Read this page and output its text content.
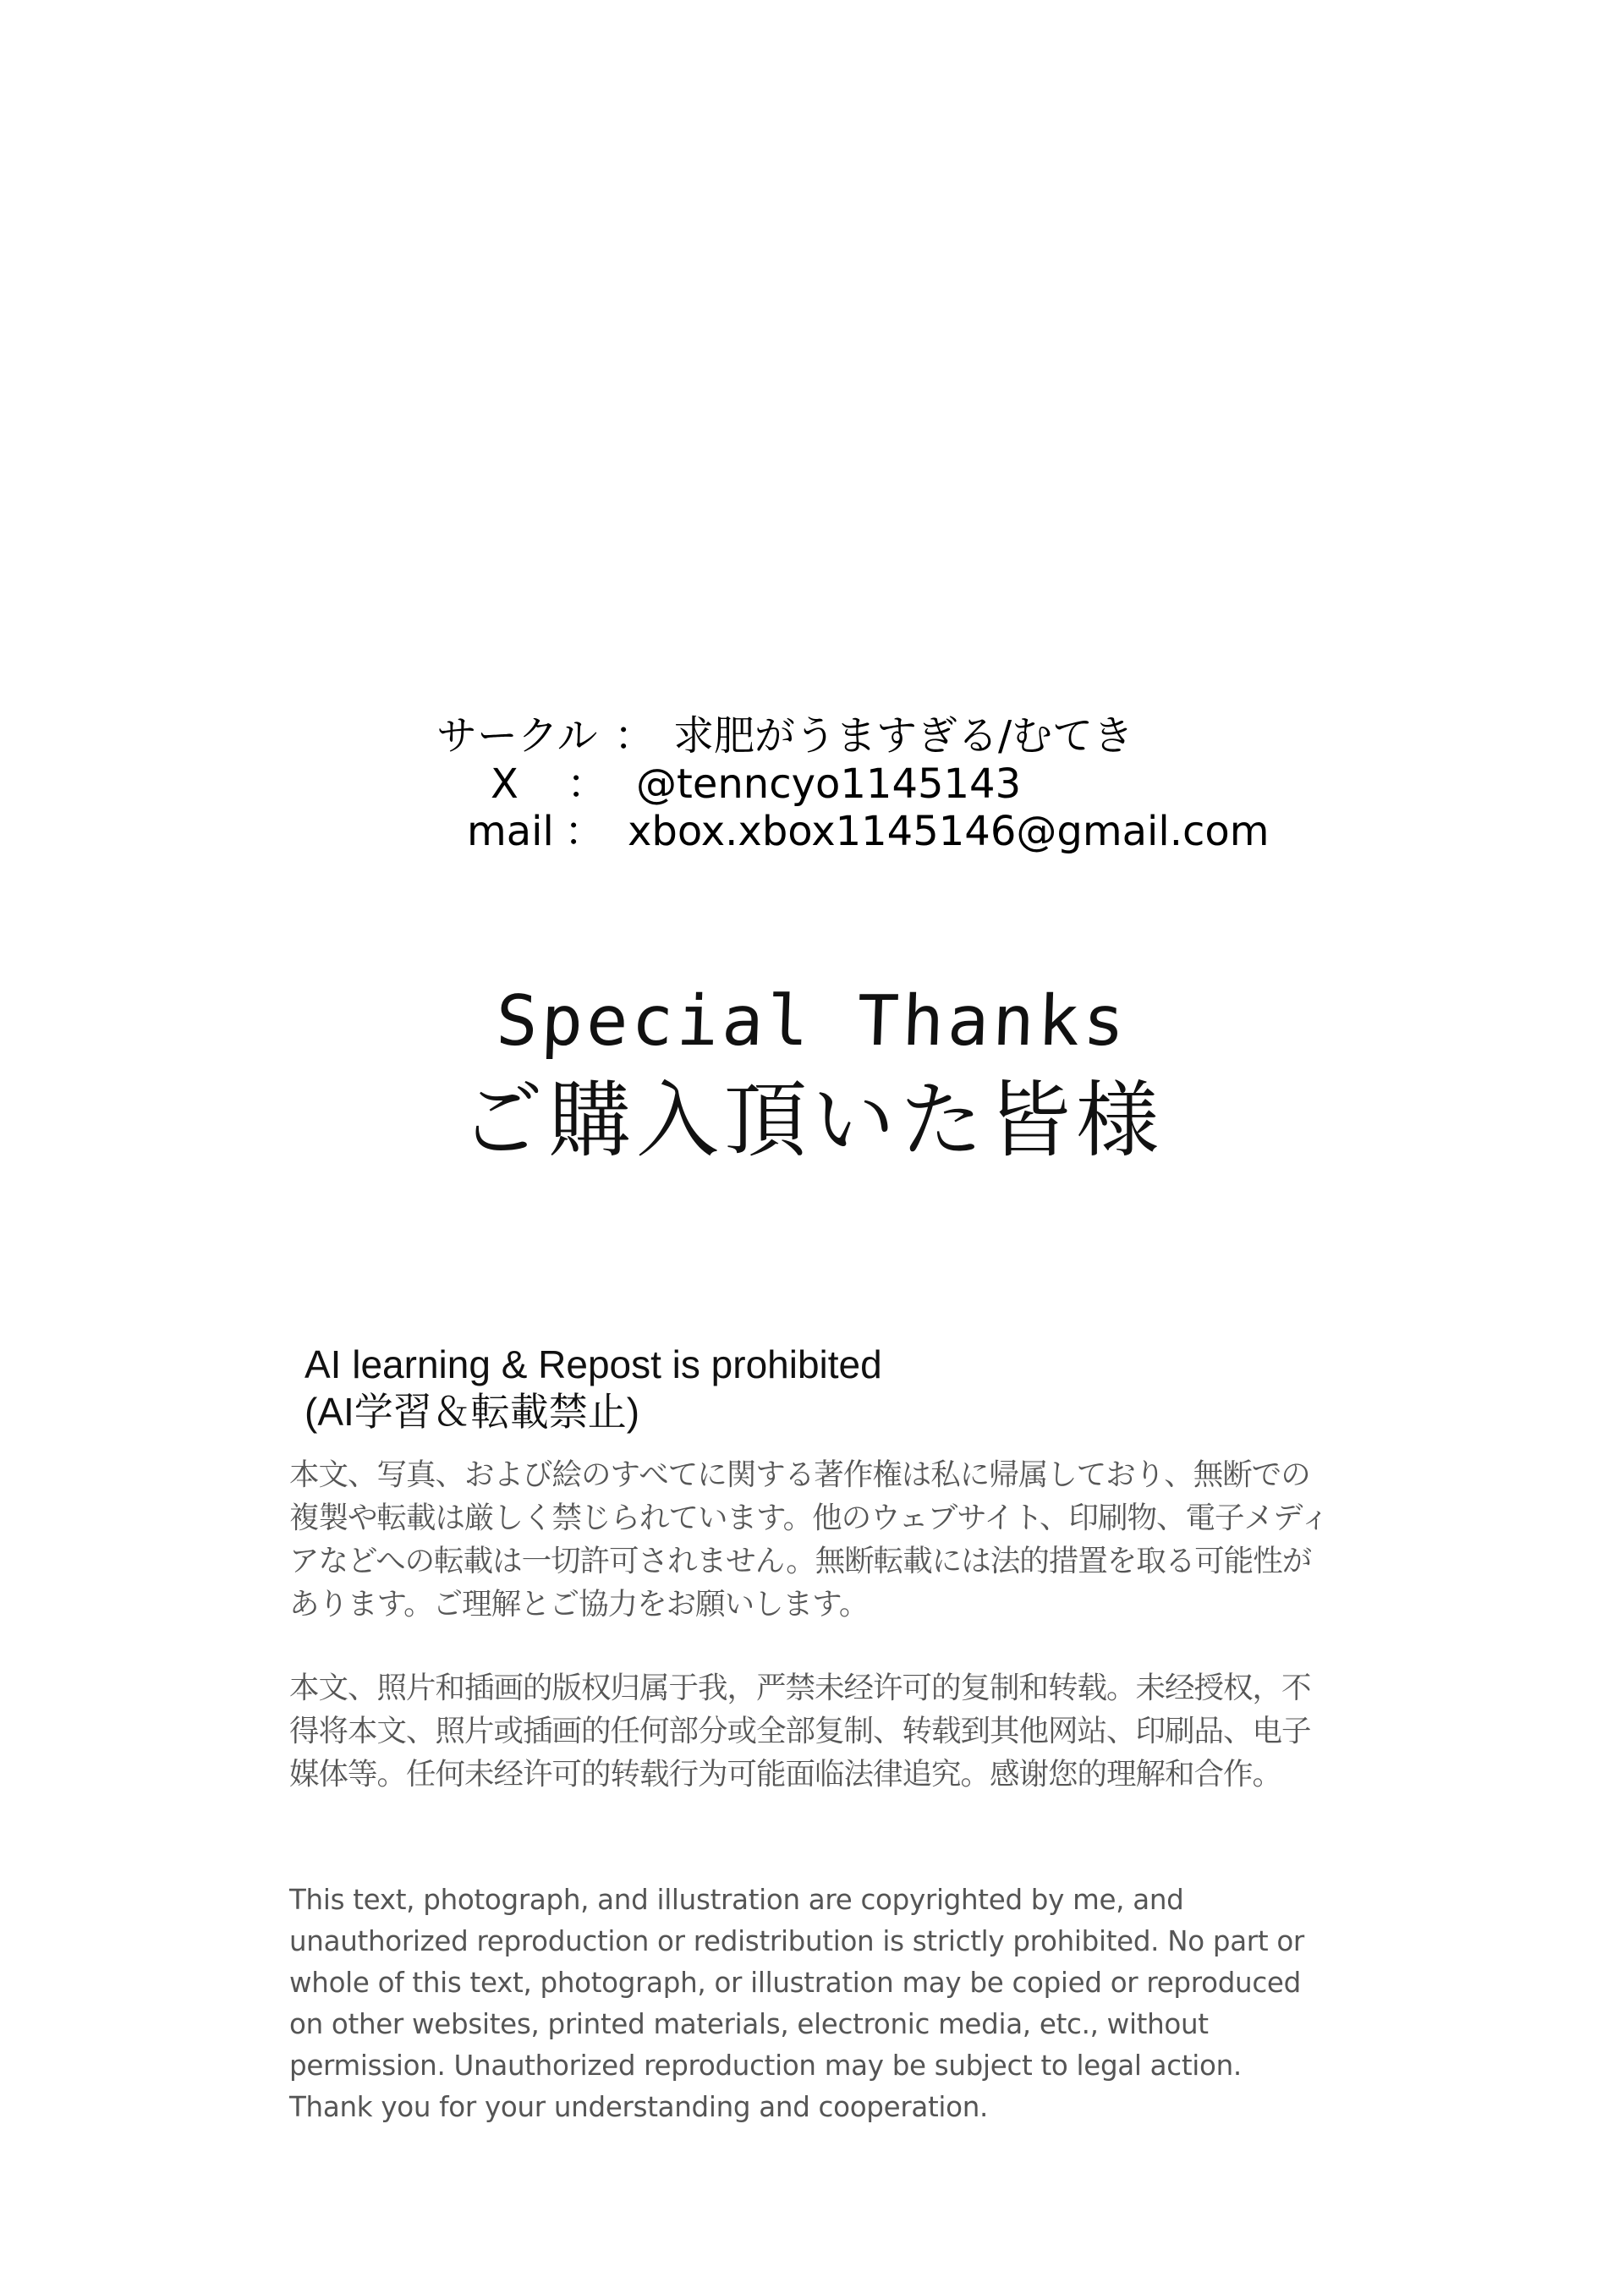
サークル ： 求肥がうますぎる/むてき
X ： @tenncyo1145143
mail ： xbox.xbox1145146@gmail.com
Special Thanks
ご購入頂いた皆様
AI learning & Repost is prohibited
(AI学習＆転載禁止)

本文、写真、および絵のすべてに関する著作権は私に帰属しており、無断での複製や転載は厳しく禁じられています。他のウェブサイト、印刷物、電子メディアなどへの転載は一切許可されません。無断転載には法的措置を取る可能性があります。ご理解とご協力をお願いします。

本文、照片和插画的版权归属于我，严禁未经许可的复制和转载。未经授权，不得将本文、照片或插画的任何部分或全部复制、转载到其他网站、印刷品、电子媒体等。任何未经许可的转载行为可能面临法律追究。感谢您的理解和合作。

This text, photograph, and illustration are copyrighted by me, and unauthorized reproduction or redistribution is strictly prohibited. No part or whole of this text, photograph, or illustration may be copied or reproduced on other websites, printed materials, electronic media, etc., without permission. Unauthorized reproduction may be subject to legal action. Thank you for your understanding and cooperation.
